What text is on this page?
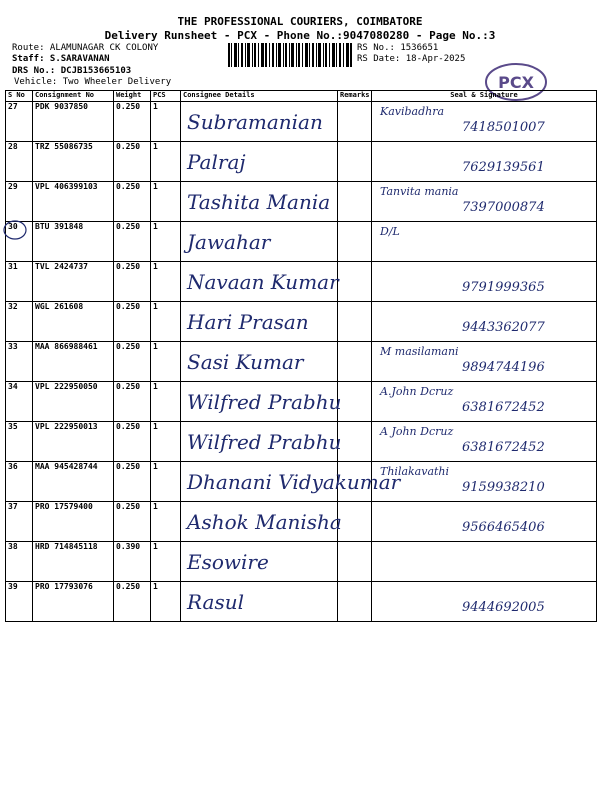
THE PROFESSIONAL COURIERS, COIMBATORE
Delivery Runsheet - PCX - Phone No.:9047080280 - Page No.:3
Route: ALAMUNAGAR CK COLONY
Staff: S.SARAVANAN
DRS No.: DCJB153665103
Vehicle: Two Wheeler Delivery
RS No.: 1536651
RS Date: 18-Apr-2025
PCX
S No	Consignment No	Weight	PCS	Consignee Details	Remarks	Seal & Signature
27	PDK 9037850	0.250	1	Subramanian		Kavibadhra
7418501007

28	TRZ 55086735	0.250	1	Palraj		7629139561

29	VPL 406399103	0.250	1	Tashita Mania		Tanvita mania
7397000874

30	BTU 391848	0.250	1	Jawahar		D/L

31	TVL 2424737	0.250	1	Navaan Kumar		9791999365

32	WGL 261608	0.250	1	Hari Prasan		9443362077

33	MAA 866988461	0.250	1	Sasi Kumar		M masilamani
9894744196

34	VPL 222950050	0.250	1	Wilfred Prabhu		A.John Dcruz
6381672452

35	VPL 222950013	0.250	1	Wilfred Prabhu		A John Dcruz
6381672452

36	MAA 945428744	0.250	1	Dhanani Vidyakumar		Thilakavathi
9159938210

37	PRO 17579400	0.250	1	Ashok Manisha		9566465406

38	HRD 714845118	0.390	1	Esowire		

39	PRO 17793076	0.250	1	Rasul		9444692005
